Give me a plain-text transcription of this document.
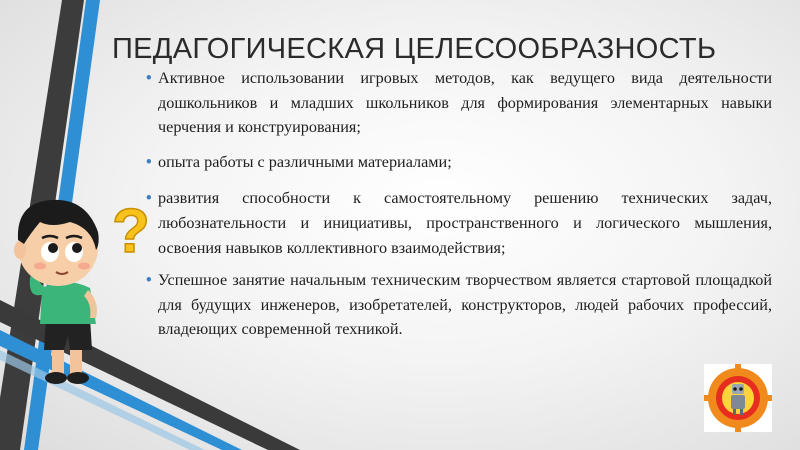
ПЕДАГОГИЧЕСКАЯ ЦЕЛЕСООБРАЗНОСТЬ
• Активное использовании игровых методов, как ведущего вида деятельности дошкольников и младших школьников для формирования элементарных навыки черчения и конструирования;
• опыта работы с различными материалами;
• развития способности к самостоятельному решению технических задач, любознательности и инициативы, пространственного и логического мышления, освоения навыков коллективного взаимодействия;
• Успешное занятие начальным техническим творчеством является стартовой площадкой для будущих инженеров, изобретателей, конструкторов, людей рабочих профессий, владеющих современной техникой.
?
